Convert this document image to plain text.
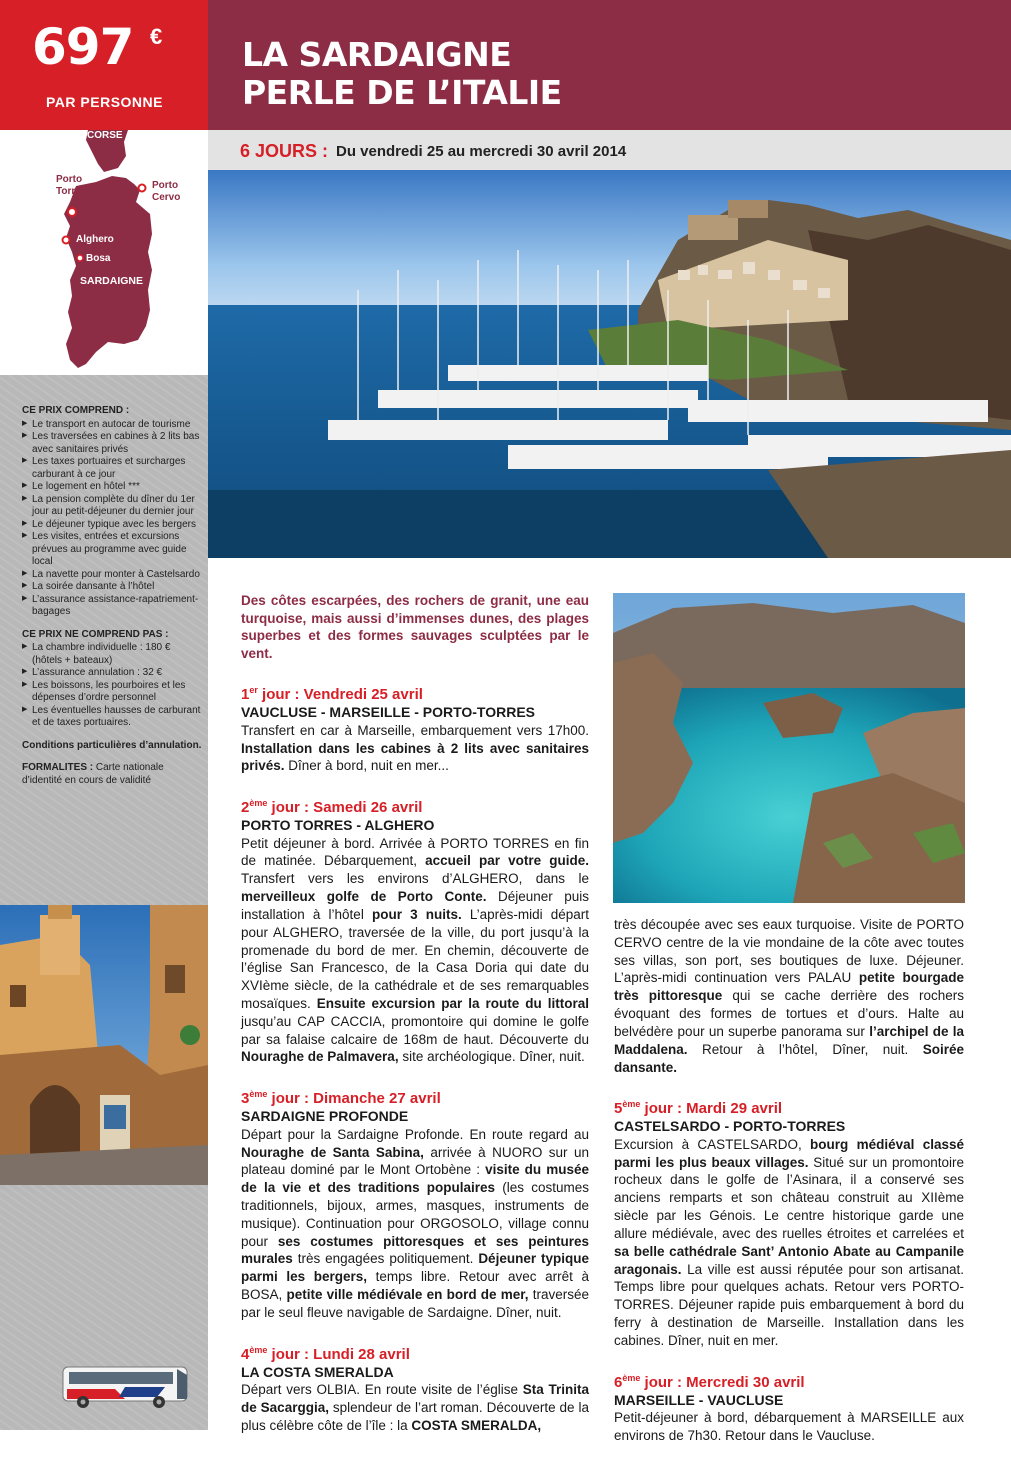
697 €
PAR PERSONNE
LA SARDAIGNE
PERLE DE L’ITALIE
6 JOURS : Du vendredi 25 au mercredi 30 avril 2014
CORSE
Porto
Torres	Porto
Cervo
Alghero
Bosa
SARDAIGNE
CE PRIX COMPREND :
▶ Le transport en autocar de tourisme
▶ Les traversées en cabines à 2 lits bas avec sanitaires privés
▶ Les taxes portuaires et surcharges carburant à ce jour
▶ Le logement en hôtel ***
▶ La pension complète du dîner du 1er jour au petit-déjeuner du dernier jour
▶ Le déjeuner typique avec les bergers
▶ Les visites, entrées et excursions prévues au programme avec guide local
▶ La navette pour monter à Castelsardo
▶ La soirée dansante à l’hôtel
▶ L’assurance assistance-rapatriement-bagages
CE PRIX NE COMPREND PAS :
▶ La chambre individuelle : 180 € (hôtels + bateaux)
▶ L’assurance annulation : 32 €
▶ Les boissons, les pourboires et les dépenses d’ordre personnel
▶ Les éventuelles hausses de carburant et de taxes portuaires.
Conditions particulières d’annulation.
FORMALITES : Carte nationale d’identité en cours de validité

Des côtes escarpées, des rochers de granit, une eau turquoise, mais aussi d’immenses dunes, des plages superbes et des formes sauvages sculptées par le vent.

1er jour : Vendredi 25 avril
VAUCLUSE - MARSEILLE - PORTO-TORRES

Transfert en car à Marseille, embarquement vers 17h00. Installation dans les cabines à 2 lits avec sanitaires privés. Dîner à bord, nuit en mer...

2ème jour : Samedi 26 avril
PORTO TORRES - ALGHERO

Petit déjeuner à bord. Arrivée à PORTO TORRES en fin de matinée. Débarquement, accueil par votre guide. Transfert vers les environs d’ALGHERO, dans le merveilleux golfe de Porto Conte. Déjeuner puis installation à l’hôtel pour 3 nuits. L’après-midi départ pour ALGHERO, traversée de la ville, du port jusqu’à la promenade du bord de mer. En chemin, découverte de l’église San Francesco, de la Casa Doria qui date du XVIème siècle, de la cathédrale et de ses remarquables mosaïques. Ensuite excursion par la route du littoral jusqu’au CAP CACCIA, promontoire qui domine le golfe par sa falaise calcaire de 168m de haut. Découverte du Nouraghe de Palmavera, site archéologique. Dîner, nuit.

3ème jour : Dimanche 27 avril
SARDAIGNE PROFONDE

Départ pour la Sardaigne Profonde. En route regard au Nouraghe de Santa Sabina, arrivée à NUORO sur un plateau dominé par le Mont Ortobène : visite du musée de la vie et des traditions populaires (les costumes traditionnels, bijoux, armes, masques, instruments de musique). Continuation pour ORGOSOLO, village connu pour ses costumes pittoresques et ses peintures murales très engagées politiquement. Déjeuner typique parmi les bergers, temps libre. Retour avec arrêt à BOSA, petite ville médiévale en bord de mer, traversée par le seul fleuve navigable de Sardaigne. Dîner, nuit.

4ème jour : Lundi 28 avril
LA COSTA SMERALDA

Départ vers OLBIA. En route visite de l’église Sta Trinita de Sacarggia, splendeur de l’art roman. Découverte de la plus célèbre côte de l’île : la COSTA SMERALDA,

très découpée avec ses eaux turquoise. Visite de PORTO CERVO centre de la vie mondaine de la côte avec toutes ses villas, son port, ses boutiques de luxe. Déjeuner. L’après-midi continuation vers PALAU petite bourgade très pittoresque qui se cache derrière des rochers évoquant des formes de tortues et d’ours. Halte au belvédère pour un superbe panorama sur l’archipel de la Maddalena. Retour à l’hôtel, Dîner, nuit. Soirée dansante.

5ème jour : Mardi 29 avril
CASTELSARDO - PORTO-TORRES

Excursion à CASTELSARDO, bourg médiéval classé parmi les plus beaux villages. Situé sur un promontoire rocheux dans le golfe de l’Asinara, il a conservé ses anciens remparts et son château construit au XIIème siècle par les Génois. Le centre historique garde une allure médiévale, avec des ruelles étroites et carrelées et sa belle cathédrale Sant’ Antonio Abate au Campanile aragonais. La ville est aussi réputée pour son artisanat. Temps libre pour quelques achats. Retour vers PORTO-TORRES. Déjeuner rapide puis embarquement à bord du ferry à destination de Marseille. Installation dans les cabines. Dîner, nuit en mer.

6ème jour : Mercredi 30 avril
MARSEILLE - VAUCLUSE

Petit-déjeuner à bord, débarquement à MARSEILLE aux environs de 7h30. Retour dans le Vaucluse.
